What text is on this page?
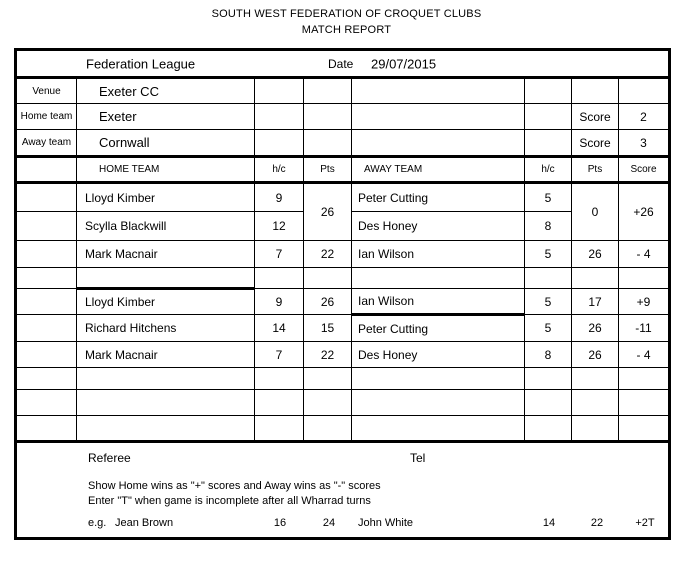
SOUTH WEST FEDERATION OF CROQUET CLUBS
MATCH REPORT
Federation League Date 29/07/2015							

Venue	Exeter CC						
Home team	Exeter					Score	2
Away team	Cornwall					Score	3
	HOME TEAM	h/c	Pts	AWAY TEAM	h/c	Pts	Score
	Lloyd Kimber	9	26	Peter Cutting	5	0	+26
	Scylla Blackwill	12		Des Honey	8		
	Mark Macnair	7	22	Ian Wilson	5	26	- 4

	Lloyd Kimber	9	26	Ian Wilson	5	17	+9
	Richard Hitchens	14	15	Peter Cutting	5	26	-11
	Mark Macnair	7	22	Des Honey	8	26	- 4

Referee Tel							

Show Home wins as "+" scores and Away wins as "-" scores
Enter "T" when game is incomplete after all Wharrad turns
e.g. Jean Brown	16	24 John White	14	22	+2T
